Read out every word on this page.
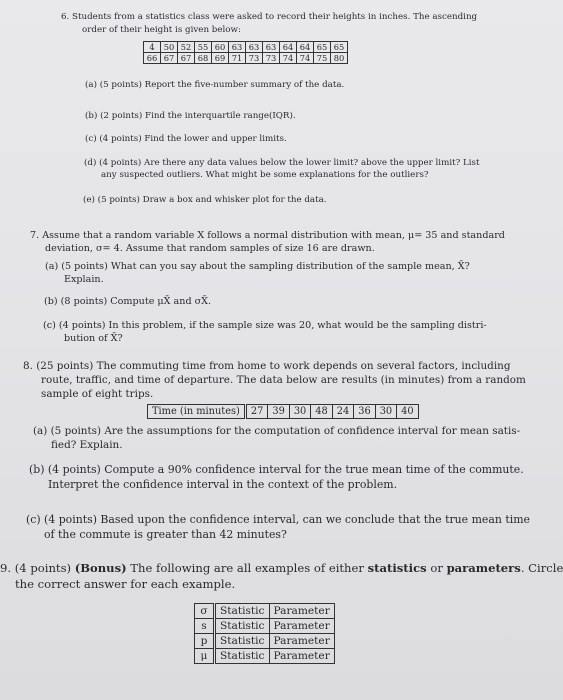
6. Students from a statistics class were asked to record their heights in inches. The ascending
order of their height is given below:
4	50	52	55	60	63	63	63	64	64	65	65
66	67	67	68	69	71	73	73	74	74	75	80
(a) (5 points) Report the five-number summary of the data.
(b) (2 points) Find the interquartile range(IQR).
(c) (4 points) Find the lower and upper limits.
(d) (4 points) Are there any data values below the lower limit? above the upper limit? List
any suspected outliers. What might be some explanations for the outliers?
(e) (5 points) Draw a box and whisker plot for the data.
7. Assume that a random variable X follows a normal distribution with mean, μ= 35 and standard
deviation, σ= 4. Assume that random samples of size 16 are drawn.
(a) (5 points) What can you say about the sampling distribution of the sample mean, X̄?
Explain.
(b) (8 points) Compute μX̄ and σX̄.
(c) (4 points) In this problem, if the sample size was 20, what would be the sampling distri-
bution of X̄?
8. (25 points) The commuting time from home to work depends on several factors, including
route, traffic, and time of departure. The data below are results (in minutes) from a random
sample of eight trips.
Time (in minutes)	27	39	30	48	24	36	30	40
(a) (5 points) Are the assumptions for the computation of confidence interval for mean satis-
fied? Explain.
(b) (4 points) Compute a 90% confidence interval for the true mean time of the commute.
Interpret the confidence interval in the context of the problem.
(c) (4 points) Based upon the confidence interval, can we conclude that the true mean time
of the commute is greater than 42 minutes?
9. (4 points) (Bonus) The following are all examples of either statistics or parameters. Circle
the correct answer for each example.
σ	Statistic	Parameter
s	Statistic	Parameter
p	Statistic	Parameter
μ	Statistic	Parameter
